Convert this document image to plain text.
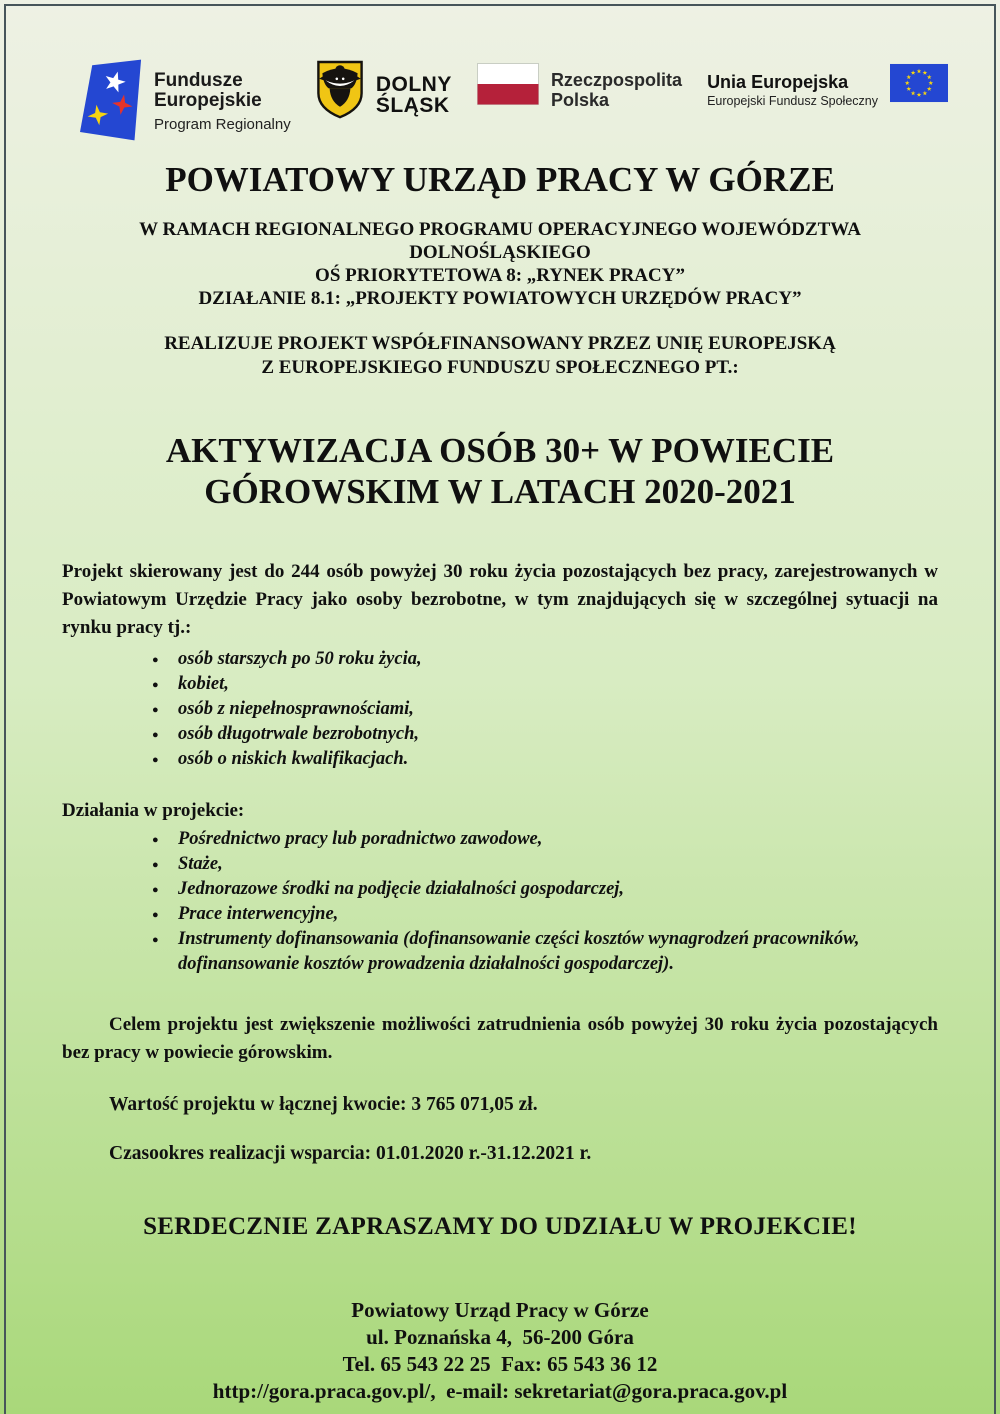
Fundusze
Europejskie
Program Regionalny
DOLNY
ŚLĄSK
Rzeczpospolita
Polska
Unia Europejska
Europejski Fundusz Społeczny
POWIATOWY URZĄD PRACY W GÓRZE
W RAMACH REGIONALNEGO PROGRAMU OPERACYJNEGO WOJEWÓDZTWA
DOLNOŚLĄSKIEGO
OŚ PRIORYTETOWA 8: „RYNEK PRACY”
DZIAŁANIE 8.1: „PROJEKTY POWIATOWYCH URZĘDÓW PRACY”
REALIZUJE PROJEKT WSPÓŁFINANSOWANY PRZEZ UNIĘ EUROPEJSKĄ
Z EUROPEJSKIEGO FUNDUSZU SPOŁECZNEGO PT.:
AKTYWIZACJA OSÓB 30+ W POWIECIE
GÓROWSKIM W LATACH 2020-2021

Projekt skierowany jest do 244 osób powyżej 30 roku życia pozostających bez pracy, zarejestrowanych w Powiatowym Urzędzie Pracy jako osoby bezrobotne, w tym znajdujących się w szczególnej sytuacji na rynku pracy tj.:

● osób starszych po 50 roku życia,
● kobiet,
● osób z niepełnosprawnościami,
● osób długotrwale bezrobotnych,
● osób o niskich kwalifikacjach.
Działania w projekcie:
● Pośrednictwo pracy lub poradnictwo zawodowe,
● Staże,
● Jednorazowe środki na podjęcie działalności gospodarczej,
● Prace interwencyjne,
● Instrumenty dofinansowania (dofinansowanie części kosztów wynagrodzeń pracowników, dofinansowanie kosztów prowadzenia działalności gospodarczej).

Celem projektu jest zwiększenie możliwości zatrudnienia osób powyżej 30 roku życia pozostających bez pracy w powiecie górowskim.

Wartość projektu w łącznej kwocie: 3 765 071,05 zł.
Czasookres realizacji wsparcia: 01.01.2020 r.-31.12.2021 r.
SERDECZNIE ZAPRASZAMY DO UDZIAŁU W PROJEKCIE!
Powiatowy Urząd Pracy w Górze
ul. Poznańska 4,  56-200 Góra
Tel. 65 543 22 25  Fax: 65 543 36 12
http://gora.praca.gov.pl/,  e-mail: sekretariat@gora.praca.gov.pl
